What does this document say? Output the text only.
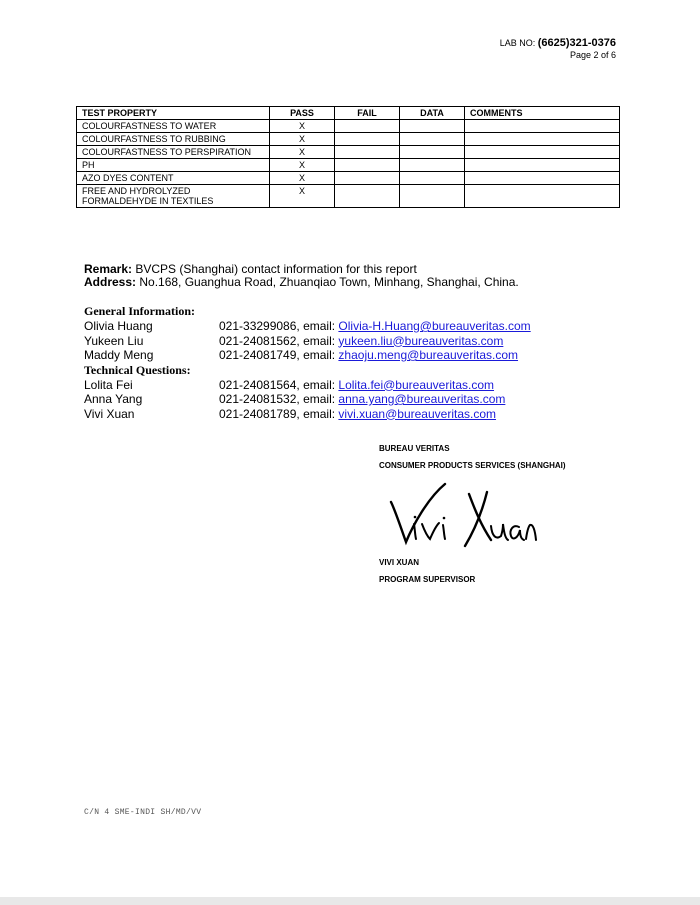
LAB NO: (6625)321-0376
Page 2 of 6
TEST PROPERTY	PASS	FAIL	DATA	COMMENTS
COLOURFASTNESS TO WATER	X			
COLOURFASTNESS TO RUBBING	X			
COLOURFASTNESS TO PERSPIRATION	X			
PH	X			
AZO DYES CONTENT	X			

FREE AND HYDROLYZED
FORMALDEHYDE IN TEXTILES	X			
Remark: BVCPS (Shanghai) contact information for this report
Address: No.168, Guanghua Road, Zhuanqiao Town, Minhang, Shanghai, China.
General Information:
Olivia Huang	021-33299086, email: Olivia-H.Huang@bureauveritas.com
Yukeen Liu	021-24081562, email: yukeen.liu@bureauveritas.com
Maddy Meng	021-24081749, email: zhaoju.meng@bureauveritas.com
Technical Questions:
Lolita Fei	021-24081564, email: Lolita.fei@bureauveritas.com
Anna Yang	021-24081532, email: anna.yang@bureauveritas.com
Vivi Xuan	021-24081789, email: vivi.xuan@bureauveritas.com
BUREAU VERITAS
CONSUMER PRODUCTS SERVICES (SHANGHAI)
VIVI XUAN
PROGRAM SUPERVISOR
C/N 4 SME-INDI SH/MD/VV
